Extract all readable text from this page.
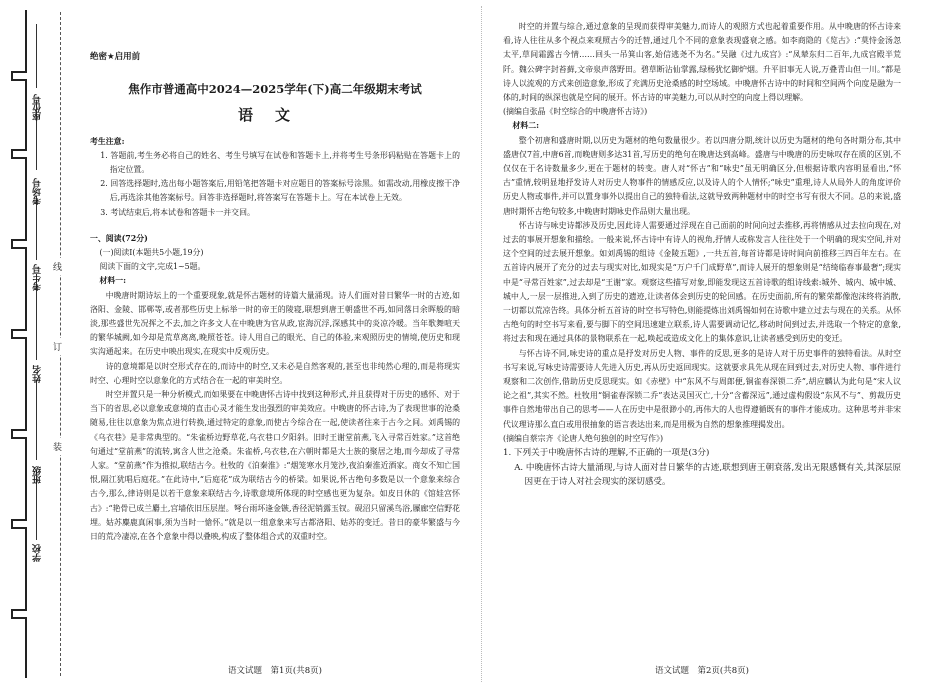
学校
班级
姓名
考生号
考场号
座位号
线
订
装
绝密★启用前
焦作市普通高中2024—2025学年(下)高二年级期末考试
语文
考生注意:

1. 答题前,考生务必将自己的姓名、考生号填写在试卷和答题卡上,并将考生号条形码粘贴在答题卡上的指定位置。

2. 回答选择题时,选出每小题答案后,用铅笔把答题卡对应题目的答案标号涂黑。如需改动,用橡皮擦干净后,再选涂其他答案标号。回答非选择题时,将答案写在答题卡上。写在本试卷上无效。

3. 考试结束后,将本试卷和答题卡一并交回。

一、阅读(72分)

(一)阅读Ⅰ(本题共5小题,19分)

阅读下面的文字,完成1~5题。

材料一:

中晚唐时期诗坛上的一个重要现象,就是怀古题材的诗篇大量涌现。诗人们面对昔日繁华一时的古迹,如洛阳、金陵、邯郸等,或者那些历史上标举一时的帝王的陵寝,联想到唐王朝盛世不再,如同落日余晖般的暗淡,那些盛世先况挥之不去,加之许多文人在中晚唐为官从政,宦海沉浮,深感其中的炎凉冷暖。当年歌舞喧天的繁华城阙,如今却是荒草离离,晚照苍苍。诗人用自己的眼光、自己的体验,来观照历史的情境,使历史和现实沟通起来。在历史中映出现实,在现实中反观历史。

诗的意境都是以时空形式存在的,而诗中的时空,又未必是自然客观的,甚至也非纯然心理的,而是将现实时空、心理时空以意象化的方式结合在一起的审美时空。

时空并置只是一种分析模式,而如果要在中晚唐怀古诗中找到这种形式,并且获得对于历史的感怀、对于当下的省思,必以意象或意境的直击心灵才能生发出强烈的审美效应。中晚唐的怀古诗,为了表现世事的沧桑随易,往往以意象为焦点进行转换,通过特定的意象,而使古今综合在一起,使读者往来于古今之间。刘禹锡的《乌衣巷》是非常典型的。“朱雀桥边野草花,乌衣巷口夕阳斜。旧时王谢堂前燕,飞入寻常百姓家。”这首绝句通过“堂前燕”的流转,寓含人世之沧桑。朱雀桥,乌衣巷,在六朝时都是大士族的聚居之地,而今却成了寻常人家。“堂前燕”作为推拟,联结古今。杜牧的《泊秦淮》:“烟笼寒水月笼沙,夜泊秦淮近酒家。商女不知亡国恨,隔江犹唱后庭花。”在此诗中,“后庭花”成为联结古今的桥梁。如果说,怀古绝句多数是以一个意象来综合古今,那么,律诗则是以若干意象来联结古今,诗歌意境所体现的时空感也更为复杂。如皮日休的《馆娃宫怀古》:“艳骨已成兰麝土,宫墙依旧压层崖。弩台雨坏逢金镞,香径泥销露玉钗。砚沼只留溪鸟浴,屧廊空信野花埋。姑苏麋鹿真闲事,须为当时一愴怀。”就是以一组意象来写古都洛阳、姑苏的变迁。昔日的豪华繁盛与今日的荒冷凄凉,在各个意象中得以叠映,构成了整体组合式的双重时空。

语文试题　第1页(共8页)

时空的并置与综合,通过意象的呈现而获得审美魅力,而诗人的观照方式也起着重要作用。从中晚唐的怀古诗来看,诗人往往从多个视点来观照古今的迁替,通过几个不同的意象表现盛衰之感。如李商隐的《览古》:“莫恃金汤忽太平,草间霜露古今情……回头一吊箕山客,始信逃尧不为名。”吴融《过九成宫》:“凤辇东归二百年,九成宫殿半荒阡。魏公碑字封苔藓,文帝泉声落野田。碧草断沾仙掌露,绿杨犹忆御炉烟。升平旧事无人说,万叠青山但一川。”都是诗人以流观的方式来创造意象,形成了充满历史沧桑感的时空场域。中晚唐怀古诗中的时间和空间两个向度是融为一体的,时间的纵深也就是空间的展开。怀古诗的审美魅力,可以从时空的向度上得以理解。

(摘编自张晶《时空综合的中晚唐怀古诗》)

材料二:

整个初唐和盛唐时期,以历史为题材的绝句数量很少。若以四唐分期,统计以历史为题材的绝句各时期分布,其中盛唐仅7首,中唐6首,而晚唐则多达31首,写历史的绝句在晚唐达到高峰。盛唐与中晚唐的历史咏叹存在质的区别,不仅仅在于名诗数量多少,更在于题材的转变。唐人对“怀古”和“咏史”虽无明确区分,但根据诗歌内容明显看出,“怀古”重情,较明显地抒发诗人对历史人物事件的情感反应,以及诗人的个人情怀;“咏史”重理,诗人从局外人的角度评价历史人物或事件,并可以置身事外以提出自己的独特看法,这就导致两种题材中的时空书写有很大不同。总的来说,盛唐时期怀古绝句较多,中晚唐时期咏史作品则大量出现。

怀古诗与咏史诗都涉及历史,因此诗人需要通过浮现在自己面前的时间向过去推移,再将情感从过去拉向现在,对过去的事展开想象和描绘。一般来说,怀古诗中有诗人的视角,抒情人或称发言人往往处于一个明确的现实空间,并对这个空间的过去展开想象。如刘禹锡的组诗《金陵五题》,一共五首,每首诗都是诗时间向前推移三四百年左右。在五首诗内展开了充分的过去与现实对比,如现实是“万户千门成野草”,而诗人展开的想象则是“结绮临春事最奢”;现实中是“寻常百姓家”,过去却是“王谢”家。观察这些描写对象,即能发现这五首诗歌的组诗线索:城外、城内、城中城、城中人,一层一层推进,入到了历史的遗迹,让读者体会到历史的轮回感。在历史面前,所有的繁荣都像泡沫终将消散,一切都以荒凉告终。具体分析五首诗的时空书写特色,则能提炼出刘禹锡如何在诗歌中建立过去与现在的关系。从怀古绝句的时空书写来看,要与脚下的空间迅速建立联系,诗人需要调动记忆,移动时间到过去,并选取一个特定的意象,将过去和现在通过具体的景物联系在一起,唤起或造成文化上的集体意识,让读者感受到历史的变迁。

与怀古诗不同,咏史诗的重点是抒发对历史人物、事件的反思,更多的是诗人对于历史事件的独特看法。从时空书写来说,写咏史诗需要诗人先进入历史,再从历史返回现实。这就要求具先从现在回到过去,对历史人物、事件进行观察和二次创作,借助历史反思现实。如《赤壁》中“东风不与周郎便,铜雀春深锁二乔”,胡应麟认为此句是“宋人议论之祖”,其实不然。杜牧用“铜雀春深锁二乔”表达灵国灭亡,十分“含蓄深远”,通过虚构假设“东风不与”、剪裁历史事件自然地带出自己的思考——人在历史中是很渺小的,再伟大的人也得遵循既有的事件才能成功。这种思考并非宋代议理诗那么直白或用很抽象的语言表达出来,而是用极为自然的想象推理揭发出。

(摘编自蔡宗齐《论唐人绝句独创的时空写作》)

1. 下列关于中晚唐怀古诗的理解,不正确的一项是(3分)

A. 中晚唐怀古诗大量涌现,与诗人面对昔日繁华的古迹,联想到唐王朝衰落,发出无限感慨有关,其深层原因更在于诗人对社会现实的深切感受。

语文试题　第2页(共8页)
